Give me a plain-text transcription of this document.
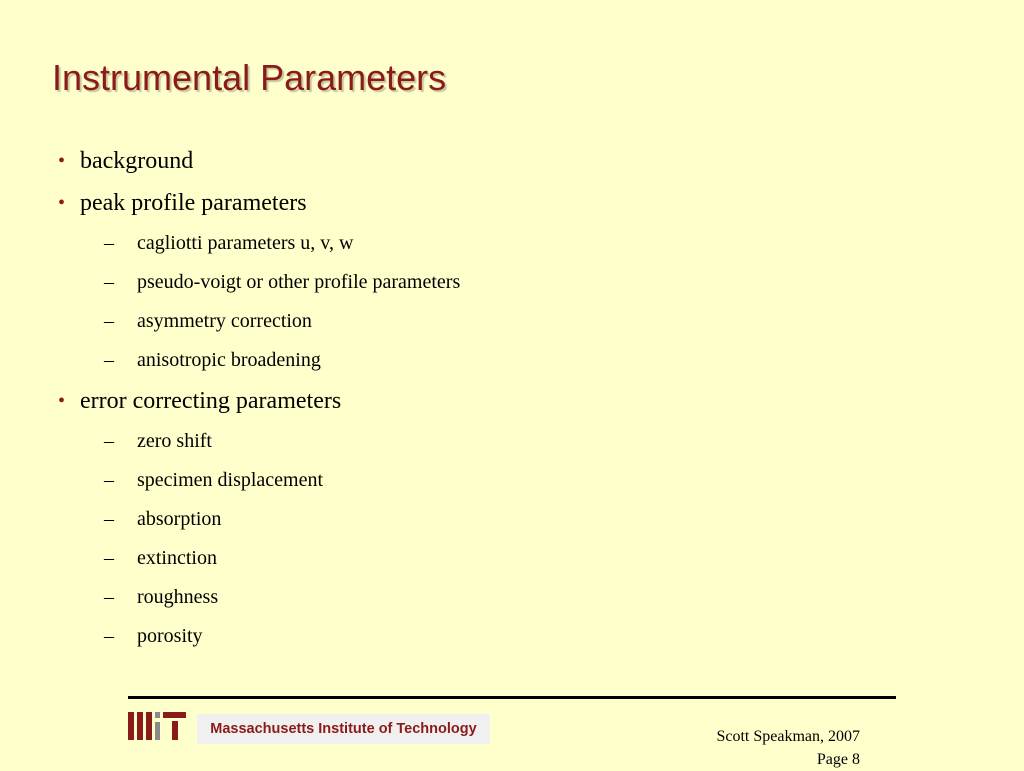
Instrumental Parameters
•
background
•
peak profile parameters
–
cagliotti parameters u, v, w
–
pseudo-voigt or other profile parameters
–
asymmetry correction
–
anisotropic broadening
•
error correcting parameters
–
zero shift
–
specimen displacement
–
absorption
–
extinction
–
roughness
–
porosity
Massachusetts Institute of Technology	Scott Speakman, 2007
Page 8
